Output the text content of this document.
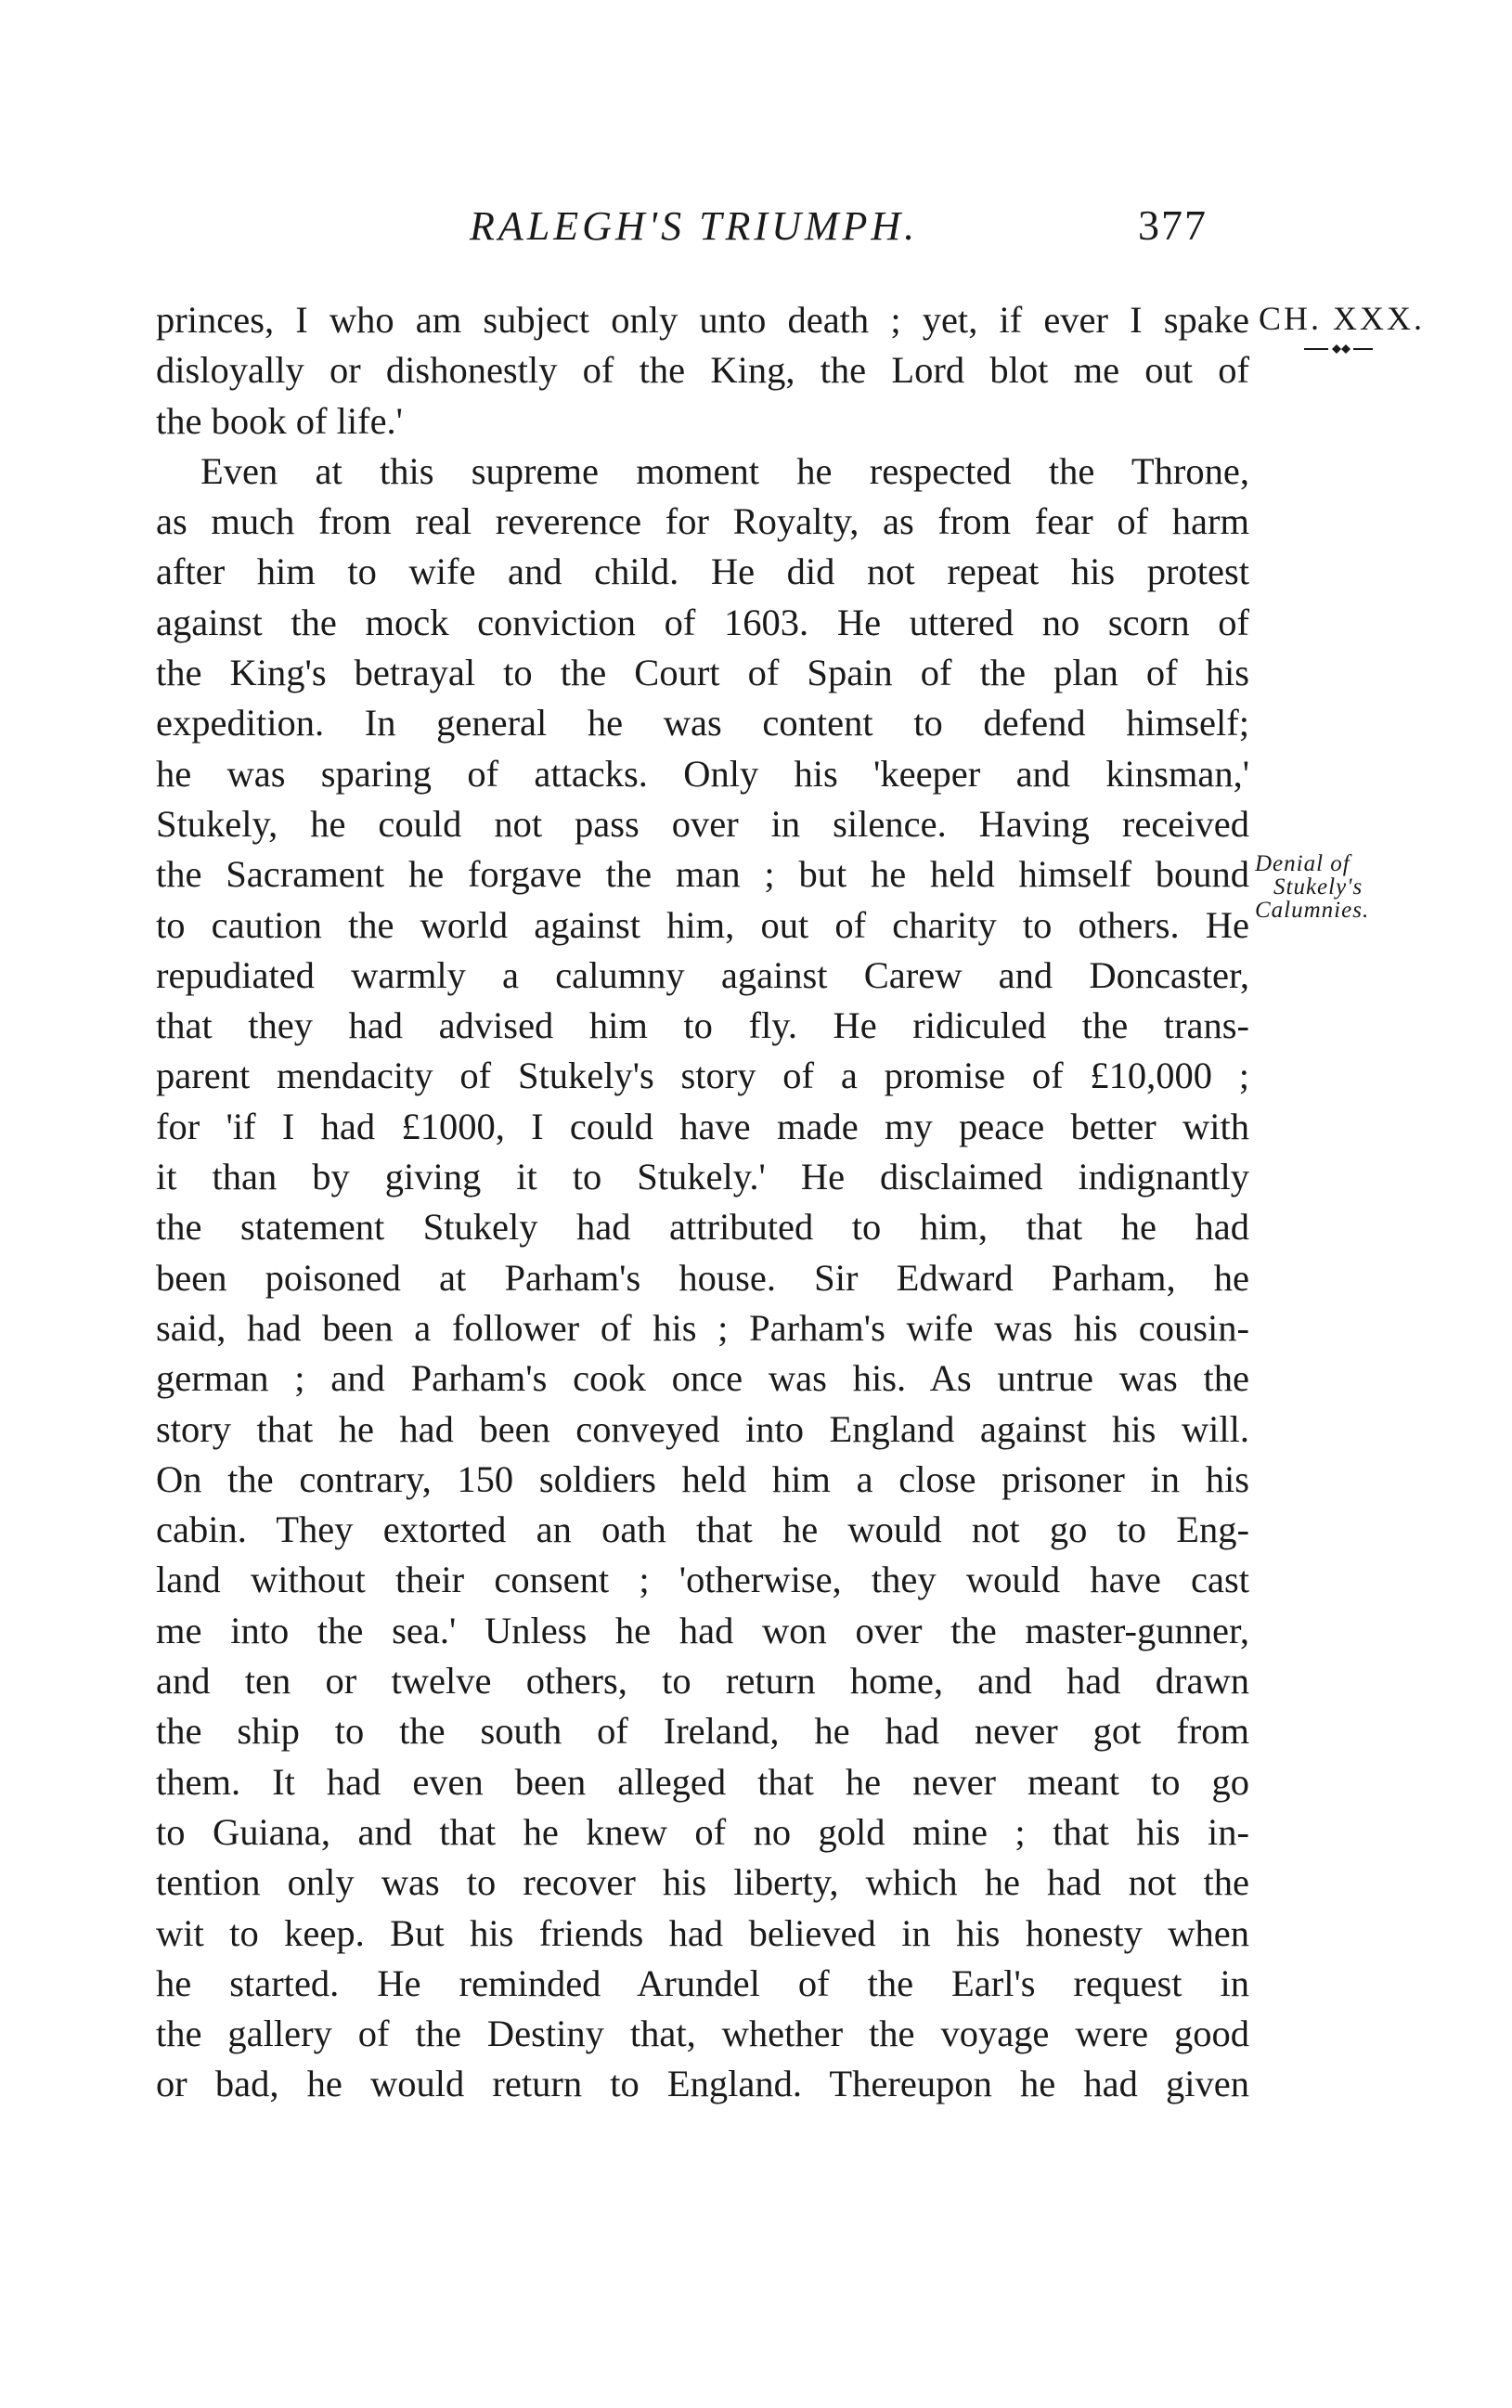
RALEGH'S TRIUMPH.	377
CH. XXX.
Denial of
Stukely's
Calumnies.
princes, I who am subject only unto death ; yet, if ever I spake
disloyally or dishonestly of the King, the Lord blot me out of
the book of life.'
Even at this supreme moment he respected the Throne,
as much from real reverence for Royalty, as from fear of harm
after him to wife and child. He did not repeat his protest
against the mock conviction of 1603. He uttered no scorn of
the King's betrayal to the Court of Spain of the plan of his
expedition. In general he was content to defend himself;
he was sparing of attacks. Only his 'keeper and kinsman,'
Stukely, he could not pass over in silence. Having received
the Sacrament he forgave the man ; but he held himself bound
to caution the world against him, out of charity to others. He
repudiated warmly a calumny against Carew and Doncaster,
that they had advised him to fly. He ridiculed the trans-
parent mendacity of Stukely's story of a promise of £10,000 ;
for 'if I had £1000, I could have made my peace better with
it than by giving it to Stukely.' He disclaimed indignantly
the statement Stukely had attributed to him, that he had
been poisoned at Parham's house. Sir Edward Parham, he
said, had been a follower of his ; Parham's wife was his cousin-
german ; and Parham's cook once was his. As untrue was the
story that he had been conveyed into England against his will.
On the contrary, 150 soldiers held him a close prisoner in his
cabin. They extorted an oath that he would not go to Eng-
land without their consent ; 'otherwise, they would have cast
me into the sea.' Unless he had won over the master-gunner,
and ten or twelve others, to return home, and had drawn
the ship to the south of Ireland, he had never got from
them. It had even been alleged that he never meant to go
to Guiana, and that he knew of no gold mine ; that his in-
tention only was to recover his liberty, which he had not the
wit to keep. But his friends had believed in his honesty when
he started. He reminded Arundel of the Earl's request in
the gallery of the Destiny that, whether the voyage were good
or bad, he would return to England. Thereupon he had given
